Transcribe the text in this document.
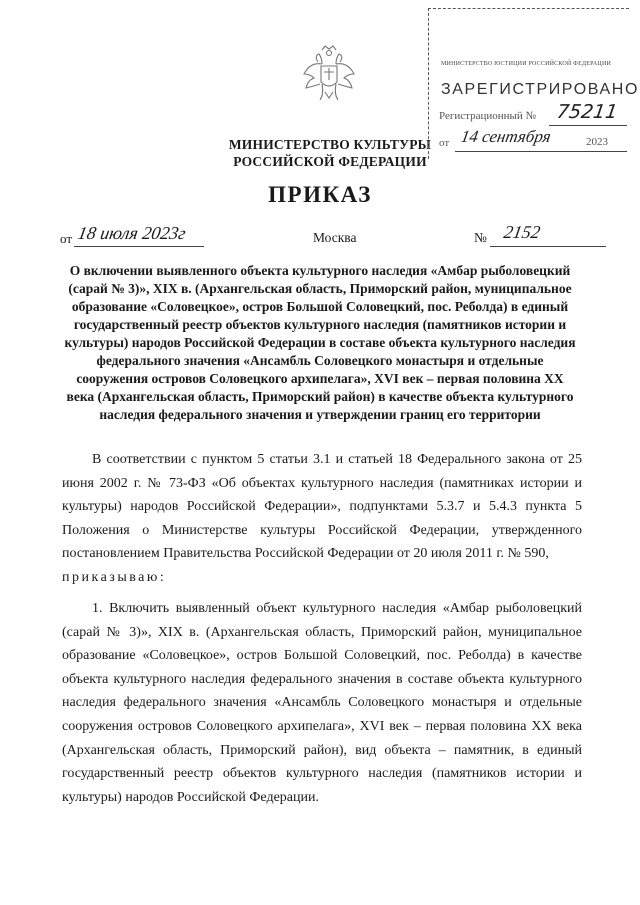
МИНИСТЕРСТВО КУЛЬТУРЫ
РОССИЙСКОЙ ФЕДЕРАЦИИ
МИНИСТЕРСТВО ЮСТИЦИИ РОССИЙСКОЙ ФЕДЕРАЦИИ
ЗАРЕГИСТРИРОВАНО
Регистрационный № 75211
от 14 сентября	2023
ПРИКАЗ
от 18 июля 2023г	Москва	№ 2152
О включении выявленного объекта культурного наследия «Амбар рыболовецкий (сарай № 3)», XIX в. (Архангельская область, Приморский район, муниципальное образование «Соловецкое», остров Большой Соловецкий, пос. Реболда) в единый государственный реестр объектов культурного наследия (памятников истории и культуры) народов Российской Федерации в составе объекта культурного наследия федерального значения «Ансамбль Соловецкого монастыря и отдельные сооружения островов Соловецкого архипелага», XVI век – первая половина XX века (Архангельская область, Приморский район) в качестве объекта культурного наследия федерального значения и утверждении границ его территории
В соответствии с пунктом 5 статьи 3.1 и статьей 18 Федерального закона от 25 июня 2002 г. № 73-ФЗ «Об объектах культурного наследия (памятниках истории и культуры) народов Российской Федерации», подпунктами 5.3.7 и 5.4.3 пункта 5 Положения о Министерстве культуры Российской Федерации, утвержденного постановлением Правительства Российской Федерации от 20 июля 2011 г. № 590,
приказываю:
1. Включить выявленный объект культурного наследия «Амбар рыболовецкий (сарай № 3)», XIX в. (Архангельская область, Приморский район, муниципальное образование «Соловецкое», остров Большой Соловецкий, пос. Реболда) в качестве объекта культурного наследия федерального значения в составе объекта культурного наследия федерального значения «Ансамбль Соловецкого монастыря и отдельные сооружения островов Соловецкого архипелага», XVI век – первая половина XX века (Архангельская область, Приморский район), вид объекта – памятник, в единый государственный реестр объектов культурного наследия (памятников истории и культуры) народов Российской Федерации.
